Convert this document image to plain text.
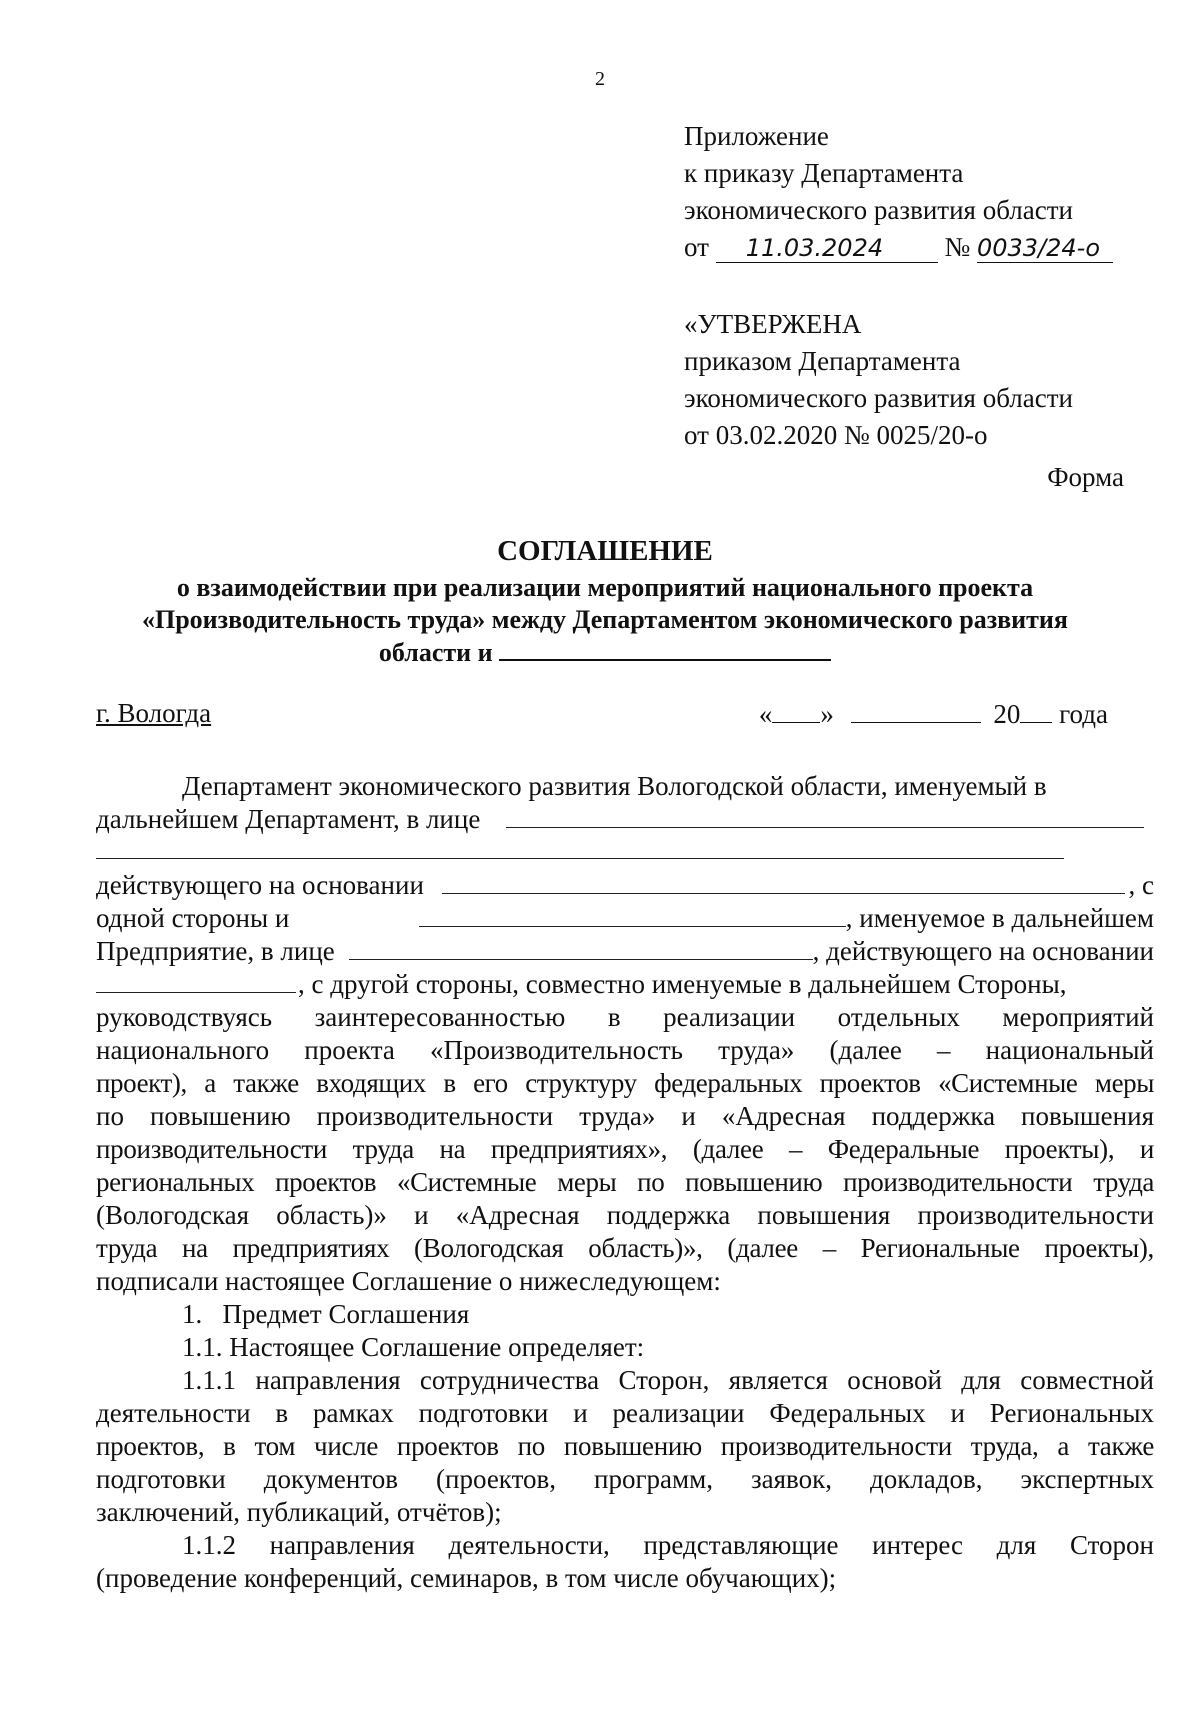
2
Приложение
к приказу Департамента
экономического развития области
от 11.03.2024 № 0033/24-о
«УТВЕРЖЕНА
приказом Департамента
экономического развития области
от 03.02.2020 № 0025/20-о
Форма
СОГЛАШЕНИЕ
о взаимодействии при реализации мероприятий национального проекта
«Производительность труда» между Департаментом экономического развития
области и
г. Вологда	« »	20 года
Департамент экономического развития Вологодской области, именуемый в
дальнейшем Департамент, в лице
действующего на основании	, с
одной стороны и	, именуемое в дальнейшем
Предприятие, в лице	, действующего на основании
, с другой стороны, совместно именуемые в дальнейшем Стороны,
руководствуясь заинтересованностью в реализации отдельных мероприятий
национального проекта «Производительность труда» (далее – национальный
проект), а также входящих в его структуру федеральных проектов «Системные меры
по повышению производительности труда» и «Адресная поддержка повышения
производительности труда на предприятиях», (далее – Федеральные проекты), и
региональных проектов «Системные меры по повышению производительности труда
(Вологодская область)» и «Адресная поддержка повышения производительности
труда на предприятиях (Вологодская область)», (далее – Региональные проекты),
подписали настоящее Соглашение о нижеследующем:
1.   Предмет Соглашения
1.1. Настоящее Соглашение определяет:
1.1.1 направления сотрудничества Сторон, является основой для совместной
деятельности в рамках подготовки и реализации Федеральных и Региональных
проектов, в том числе проектов по повышению производительности труда, а также
подготовки документов (проектов, программ, заявок, докладов, экспертных
заключений, публикаций, отчётов);
1.1.2 направления деятельности, представляющие интерес для Сторон
(проведение конференций, семинаров, в том числе обучающих);
